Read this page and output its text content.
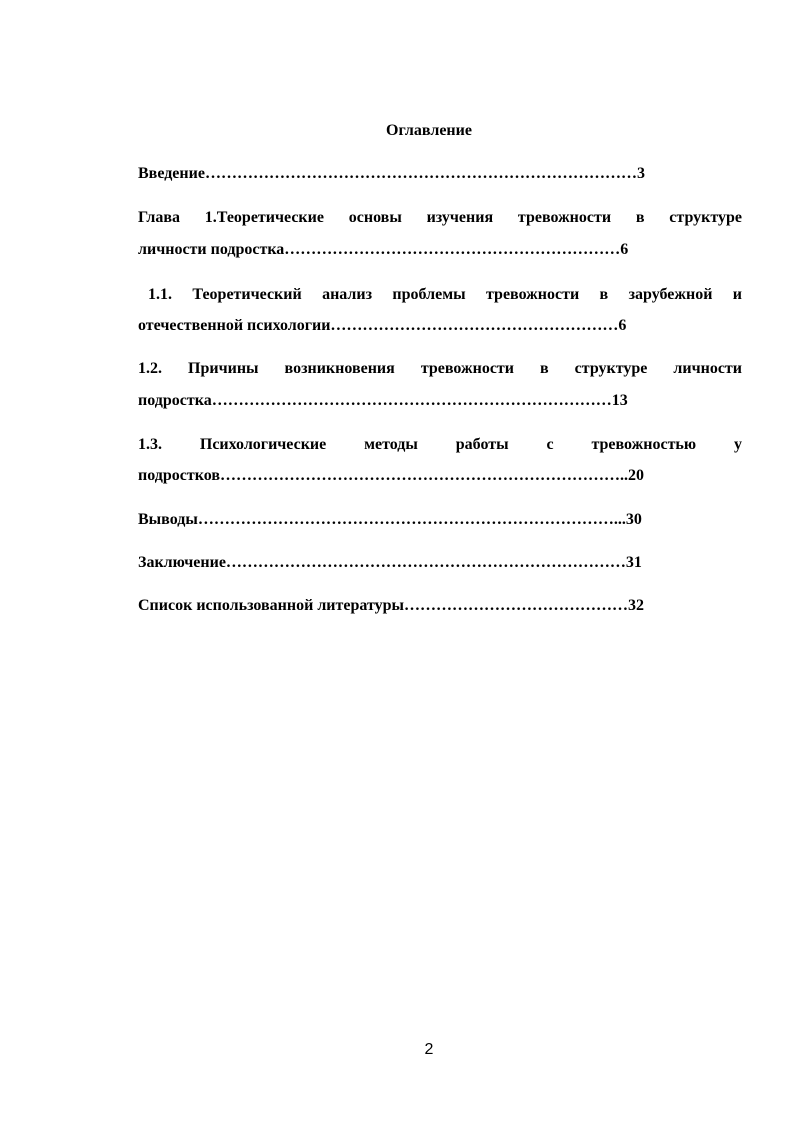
Оглавление
Введение………………………………………………………………………3
Глава 1.Теоретические основы изучения тревожности в структуре
личности подростка………………………………………………………6
1.1. Теоретический анализ проблемы тревожности в зарубежной и
отечественной психологии………………………………………………6
1.2. Причины возникновения тревожности в структуре личности
подростка…………………………………………………………………13
1.3. Психологические методы работы с тревожностью у
подростков…………………………………………………………………..20
Выводы……………………………………………………………………...30
Заключение…………………………………………………………………31
Список использованной литературы……………………………………32
2
